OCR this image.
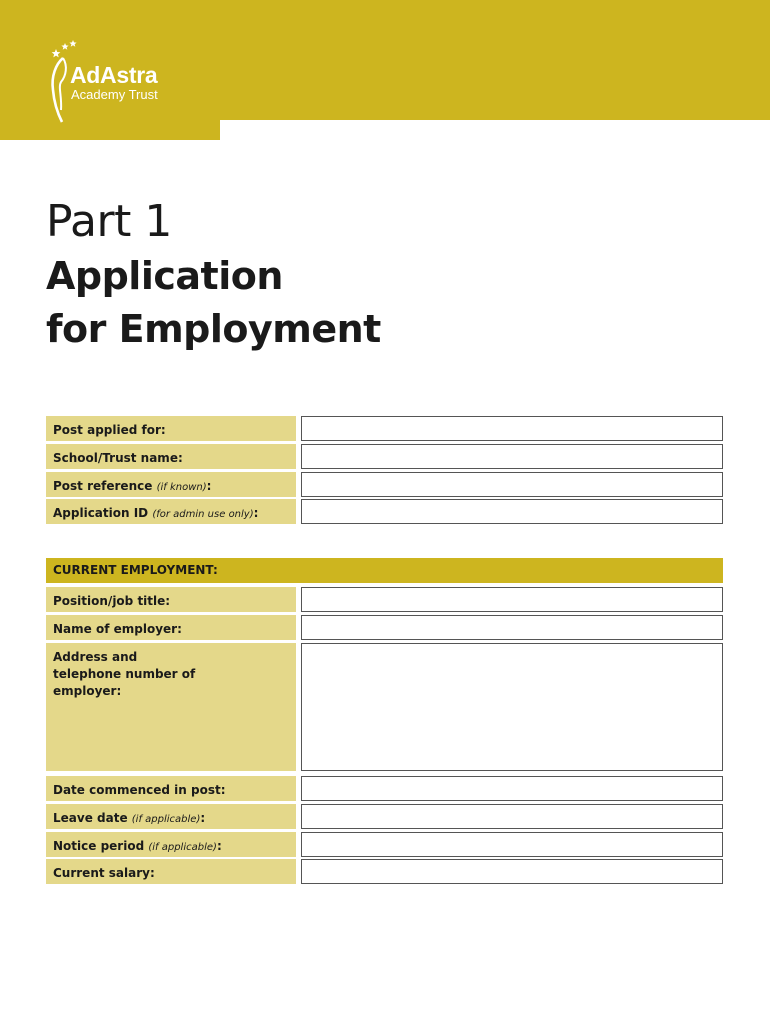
AdAstra
Academy Trust
Part 1
Application
for Employment
Post applied for:
School/Trust name:
Post reference (if known):
Application ID (for admin use only):
CURRENT EMPLOYMENT:
Position/job title:
Name of employer:
Address and telephone number of employer:
Date commenced in post:
Leave date (if applicable):
Notice period (if applicable):
Current salary:
